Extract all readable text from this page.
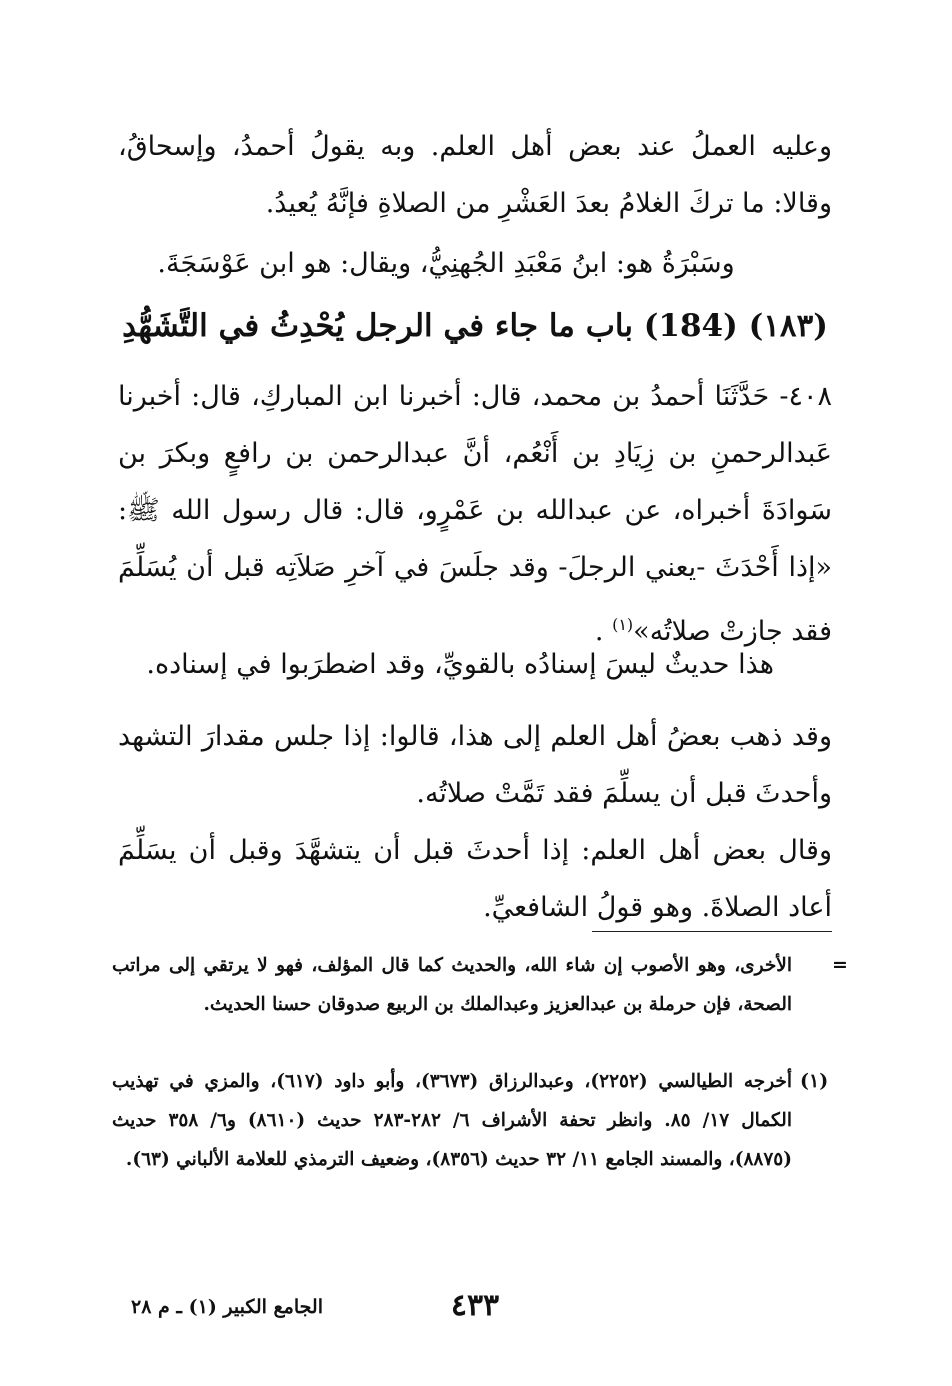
وعليه العملُ عند بعض أهل العلم. وبه يقولُ أحمدُ، وإسحاقُ، وقالا: ما تركَ الغلامُ بعدَ العَشْرِ من الصلاةِ فإنَّهُ يُعيدُ.

وسَبْرَةُ هو: ابنُ مَعْبَدِ الجُهنِيُّ، ويقال: هو ابن عَوْسَجَةَ.

(١٨٣) (184) باب ما جاء في الرجل يُحْدِثُ في التَّشَهُّدِ

٤٠٨- حَدَّثَنَا أحمدُ بن محمد، قال: أخبرنا ابن المباركِ، قال: أخبرنا عَبدالرحمنِ بن زِيَادِ بن أَنْعُم، أنَّ عبدالرحمن بن رافعٍ وبكرَ بن سَوادَةَ أخبراه، عن عبدالله بن عَمْرٍو، قال: قال رسول الله ﷺ: «إذا أَحْدَثَ -يعني الرجلَ- وقد جلَسَ في آخرِ صَلاَتِه قبل أن يُسَلِّمَ فقد جازتْ صلاتُه»$^{(١)}$ .

هذا حديثٌ ليسَ إسنادُه بالقويِّ، وقد اضطرَبوا في إسناده.

وقد ذهب بعضُ أهل العلم إلى هذا، قالوا: إذا جلس مقدارَ التشهد وأحدثَ قبل أن يسلِّمَ فقد تَمَّتْ صلاتُه.

وقال بعض أهل العلم: إذا أحدثَ قبل أن يتشهَّدَ وقبل أن يسَلِّمَ أعاد الصلاةَ. وهو قولُ الشافعيِّ.

=

الأخرى، وهو الأصوب إن شاء الله، والحديث كما قال المؤلف، فهو لا يرتقي إلى مراتب الصحة، فإن حرملة بن عبدالعزيز وعبدالملك بن الربيع صدوقان حسنا الحديث.

(١)

أخرجه الطيالسي (٢٢٥٢)، وعبدالرزاق (٣٦٧٣)، وأبو داود (٦١٧)، والمزي في تهذيب الكمال ١٧/ ٨٥. وانظر تحفة الأشراف ٦/ ٢٨٢-٢٨٣ حديث (٨٦١٠) و٦/ ٣٥٨ حديث (٨٨٧٥)، والمسند الجامع ١١/ ٣٢ حديث (٨٣٥٦)، وضعيف الترمذي للعلامة الألباني (٦٣).

٤٣٣
الجامع الكبير (١) ـ م ٢٨
